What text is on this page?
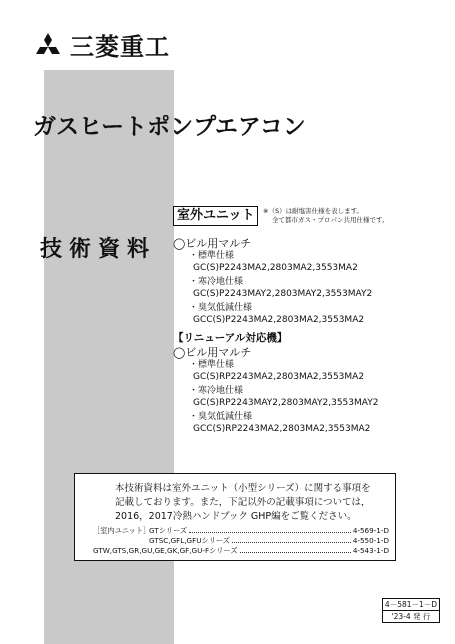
三菱重工
ガスヒートポンプエアコン
室外ユニット	※（S）は耐塩害仕様を表します。
全て都市ガス・プロパン共用仕様です。
技術資料 ◯ビル用マルチ
・標準仕様
GC(S)P2243MA2,2803MA2,3553MA2
・寒冷地仕様
GC(S)P2243MAY2,2803MAY2,3553MAY2
・臭気低減仕様
GCC(S)P2243MA2,2803MA2,3553MA2
【リニューアル対応機】
◯ビル用マルチ
・標準仕様
GC(S)RP2243MA2,2803MA2,3553MA2
・寒冷地仕様
GC(S)RP2243MAY2,2803MAY2,3553MAY2
・臭気低減仕様
GCC(S)RP2243MA2,2803MA2,3553MA2
本技術資料は室外ユニット（小型シリーズ）に関する事項を
記載しております。また，下記以外の記載事項については，
2016，2017冷熱ハンドブック GHP編をご覧ください。
［室内ユニット］
GTシリーズ	4-569-1-D
GTSC,GFL,GFUシリーズ	4-550-1-D
GTW,GTS,GR,GU,GE,GK,GF,GU-Fシリーズ	4-543-1-D
4－581－1－D
'23-4 発 行
